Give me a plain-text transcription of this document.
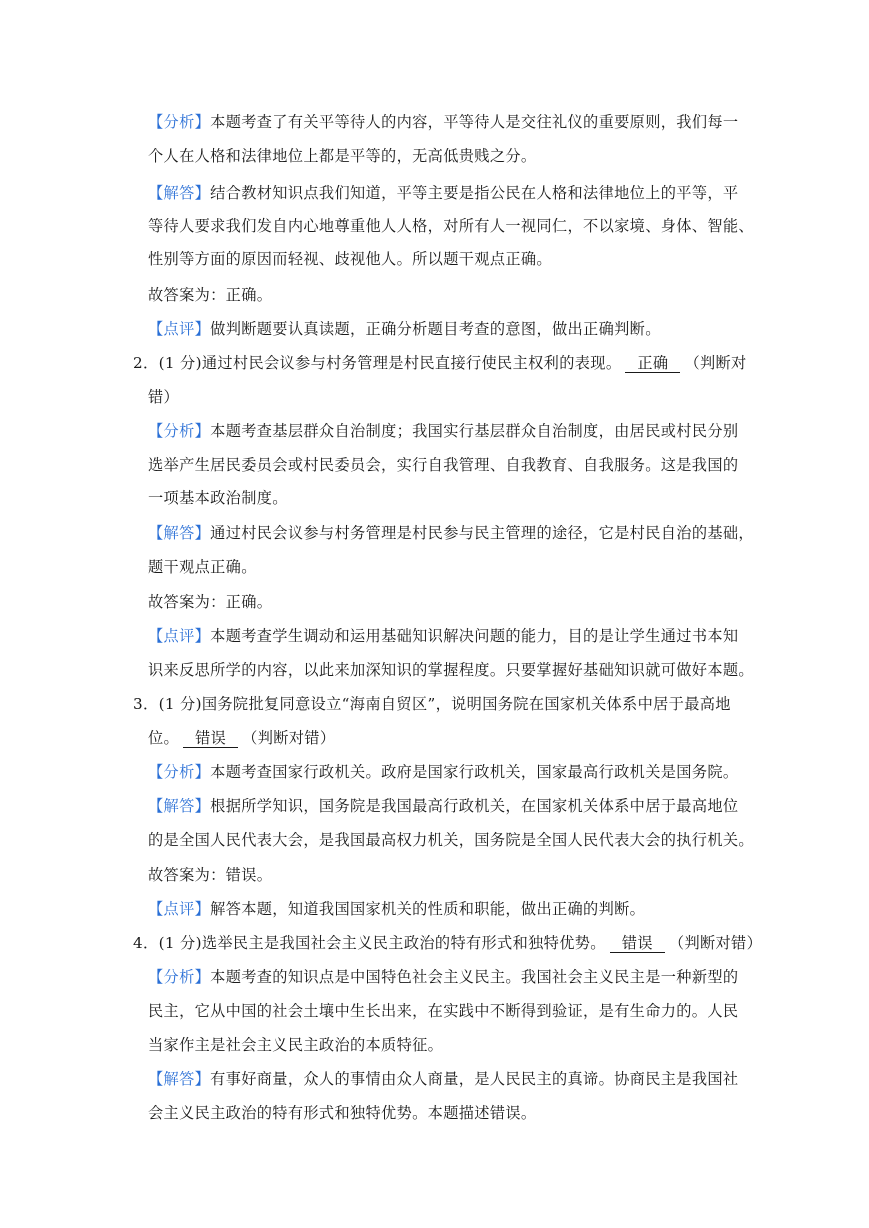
【分析】本题考查了有关平等待人的内容，平等待人是交往礼仪的重要原则，我们每一
个人在人格和法律地位上都是平等的，无高低贵贱之分。
【解答】结合教材知识点我们知道，平等主要是指公民在人格和法律地位上的平等，平
等待人要求我们发自内心地尊重他人人格，对所有人一视同仁，不以家境、身体、智能、
性别等方面的原因而轻视、歧视他人。所以题干观点正确。
故答案为：正确。
【点评】做判断题要认真读题，正确分析题目考查的意图，做出正确判断。
2．(1 分)通过村民会议参与村务管理是村民直接行使民主权利的表现。 正确 （判断对
错）
【分析】本题考查基层群众自治制度；我国实行基层群众自治制度，由居民或村民分别
选举产生居民委员会或村民委员会，实行自我管理、自我教育、自我服务。这是我国的
一项基本政治制度。
【解答】通过村民会议参与村务管理是村民参与民主管理的途径，它是村民自治的基础，
题干观点正确。
故答案为：正确。
【点评】本题考查学生调动和运用基础知识解决问题的能力，目的是让学生通过书本知
识来反思所学的内容，以此来加深知识的掌握程度。只要掌握好基础知识就可做好本题。
3．(1 分)国务院批复同意设立“海南自贸区”，说明国务院在国家机关体系中居于最高地
位。 错误 （判断对错）
【分析】本题考查国家行政机关。政府是国家行政机关，国家最高行政机关是国务院。
【解答】根据所学知识，国务院是我国最高行政机关，在国家机关体系中居于最高地位
的是全国人民代表大会，是我国最高权力机关，国务院是全国人民代表大会的执行机关。
故答案为：错误。
【点评】解答本题，知道我国国家机关的性质和职能，做出正确的判断。
4．(1 分)选举民主是我国社会主义民主政治的特有形式和独特优势。 错误 （判断对错）
【分析】本题考查的知识点是中国特色社会主义民主。我国社会主义民主是一种新型的
民主，它从中国的社会土壤中生长出来，在实践中不断得到验证，是有生命力的。人民
当家作主是社会主义民主政治的本质特征。
【解答】有事好商量，众人的事情由众人商量，是人民民主的真谛。协商民主是我国社
会主义民主政治的特有形式和独特优势。本题描述错误。
